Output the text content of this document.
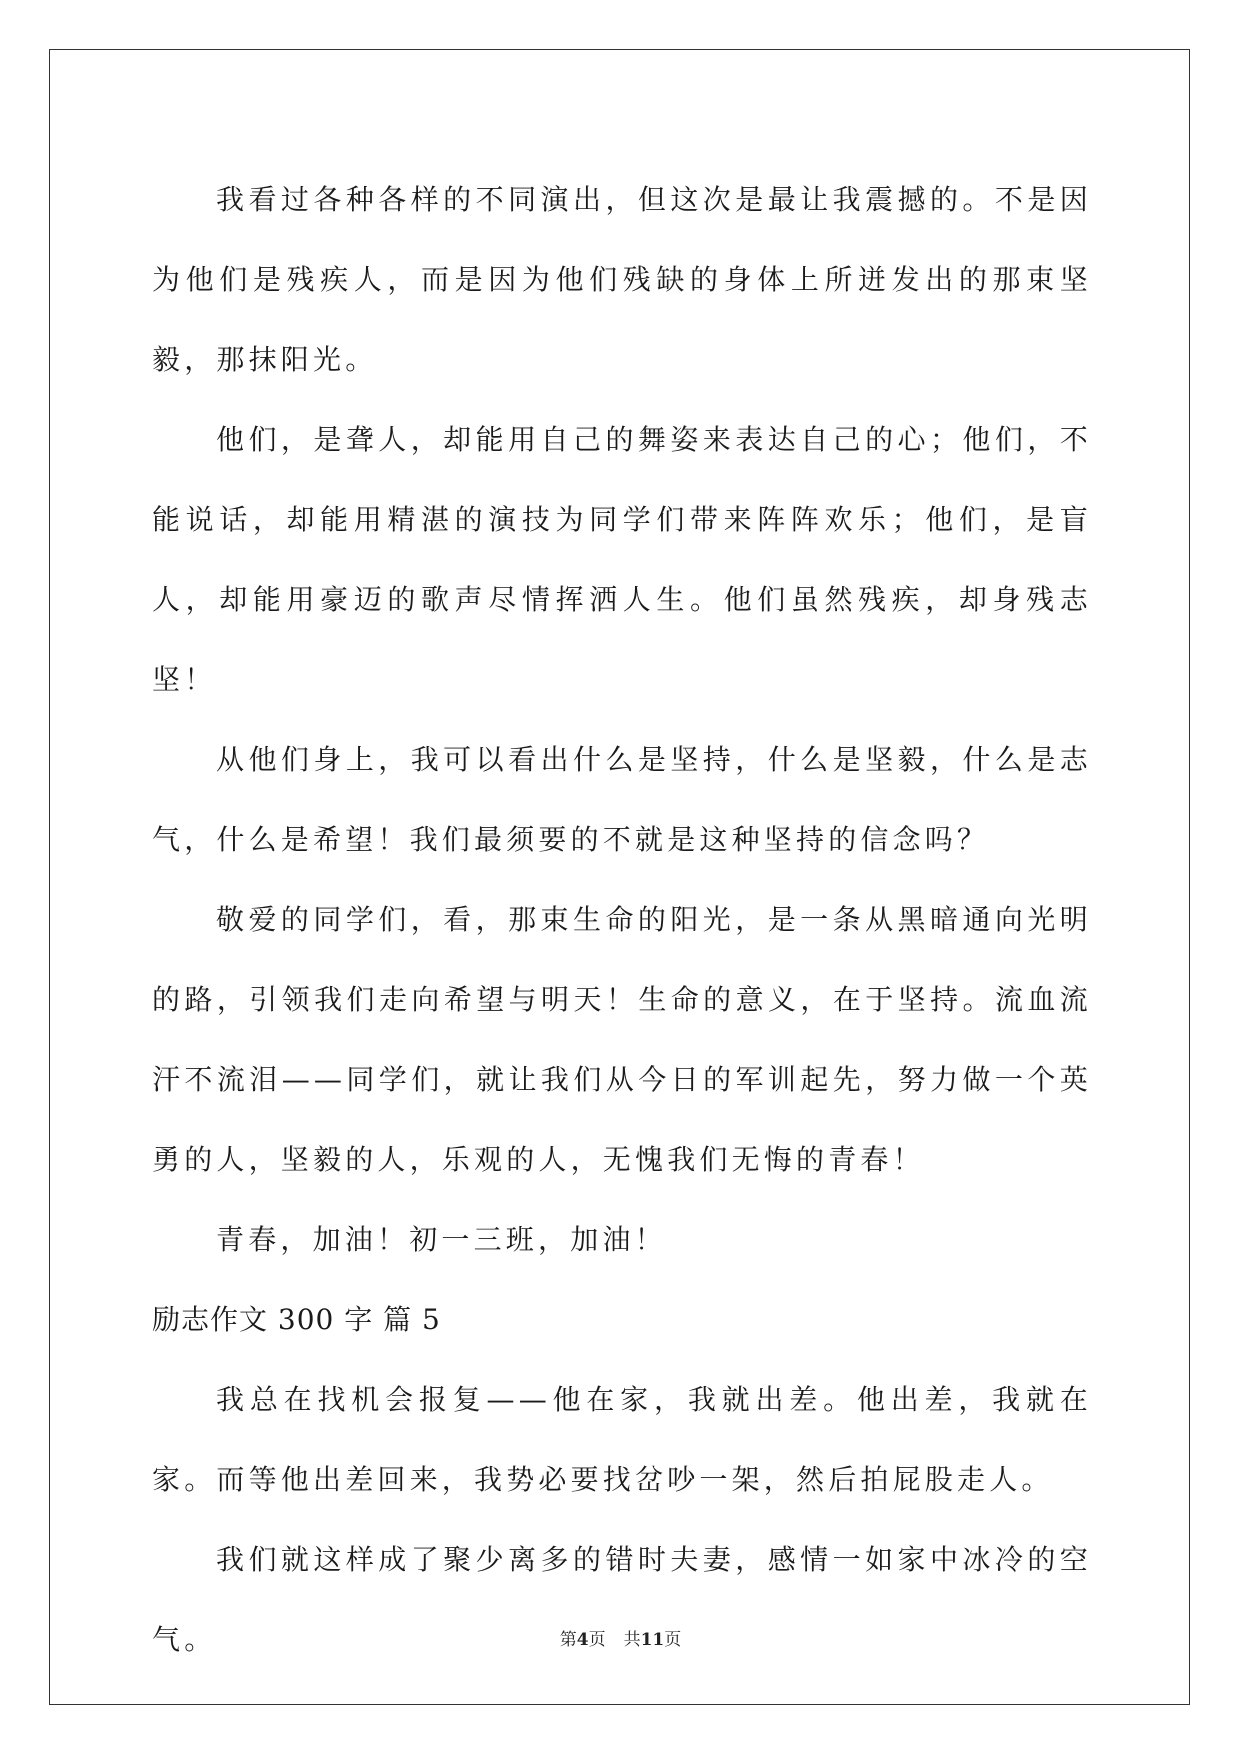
我看过各种各样的不同演出，但这次是最让我震撼的。不是因为他们是残疾人，而是因为他们残缺的身体上所迸发出的那束坚毅，那抹阳光。

他们，是聋人，却能用自己的舞姿来表达自己的心；他们，不能说话，却能用精湛的演技为同学们带来阵阵欢乐；他们，是盲人，却能用豪迈的歌声尽情挥洒人生。他们虽然残疾，却身残志坚！

从他们身上，我可以看出什么是坚持，什么是坚毅，什么是志气，什么是希望！我们最须要的不就是这种坚持的信念吗？

敬爱的同学们，看，那束生命的阳光，是一条从黑暗通向光明的路，引领我们走向希望与明天！生命的意义，在于坚持。流血流汗不流泪——同学们，就让我们从今日的军训起先，努力做一个英勇的人，坚毅的人，乐观的人，无愧我们无悔的青春！

青春，加油！初一三班，加油！

励志作文 300 字 篇 5

我总在找机会报复——他在家，我就出差。他出差，我就在家。而等他出差回来，我势必要找岔吵一架，然后拍屁股走人。

我们就这样成了聚少离多的错时夫妻，感情一如家中冰冷的空气。	第4页 共11页
